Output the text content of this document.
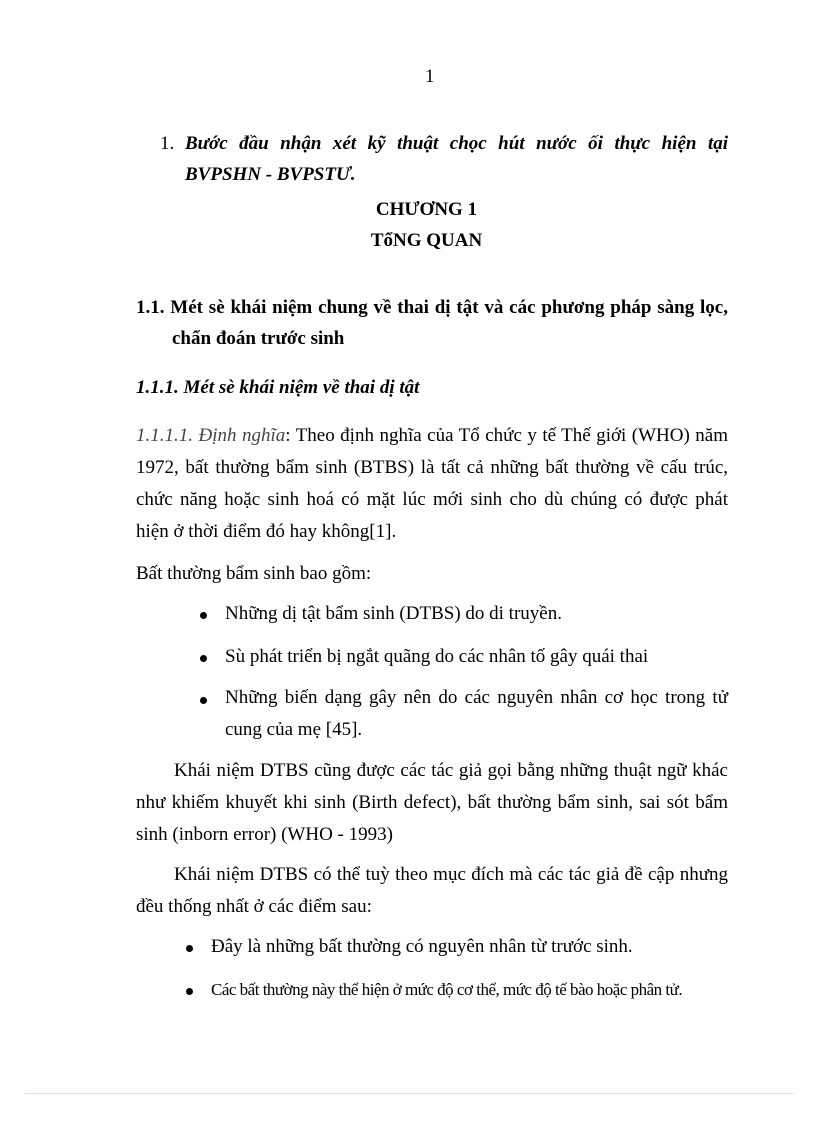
1
1. Bước đầu nhận xét kỹ thuật chọc hút nước ối thực hiện tại
BVPSHN - BVPSTƯ.
CHƯƠNG 1
TổNG QUAN
1.1. Mét sè khái niệm chung về thai dị tật và các phương pháp sàng lọc,
chẩn đoán trước sinh
1.1.1. Mét sè khái niệm về thai dị tật
1.1.1.1. Định nghĩa: Theo định nghĩa của Tổ chức y tế Thế giới (WHO) năm
1972, bất thường bẩm sinh (BTBS) là tất cả những bất thường về cấu trúc,
chức năng hoặc sinh hoá có mặt lúc mới sinh cho dù chúng có được phát
hiện ở thời điểm đó hay không[1].
Bất thường bẩm sinh bao gồm:
Những dị tật bẩm sinh (DTBS) do di truyền.
Sù phát triển bị ngắt quãng do các nhân tố gây quái thai
Những biến dạng gây nên do các nguyên nhân cơ học trong tử
cung của mẹ [45].
Khái niệm DTBS cũng được các tác giả gọi bằng những thuật ngữ khác
như khiếm khuyết khi sinh (Birth defect), bất thường bẩm sinh, sai sót bẩm
sinh (inborn error) (WHO - 1993)
Khái niệm DTBS có thể tuỳ theo mục đích mà các tác giả đề cập nhưng
đều thống nhất ở các điểm sau:
Đây là những bất thường có nguyên nhân từ trước sinh.
Các bất thường này thể hiện ở mức độ cơ thể, mức độ tế bào hoặc phân tử.
